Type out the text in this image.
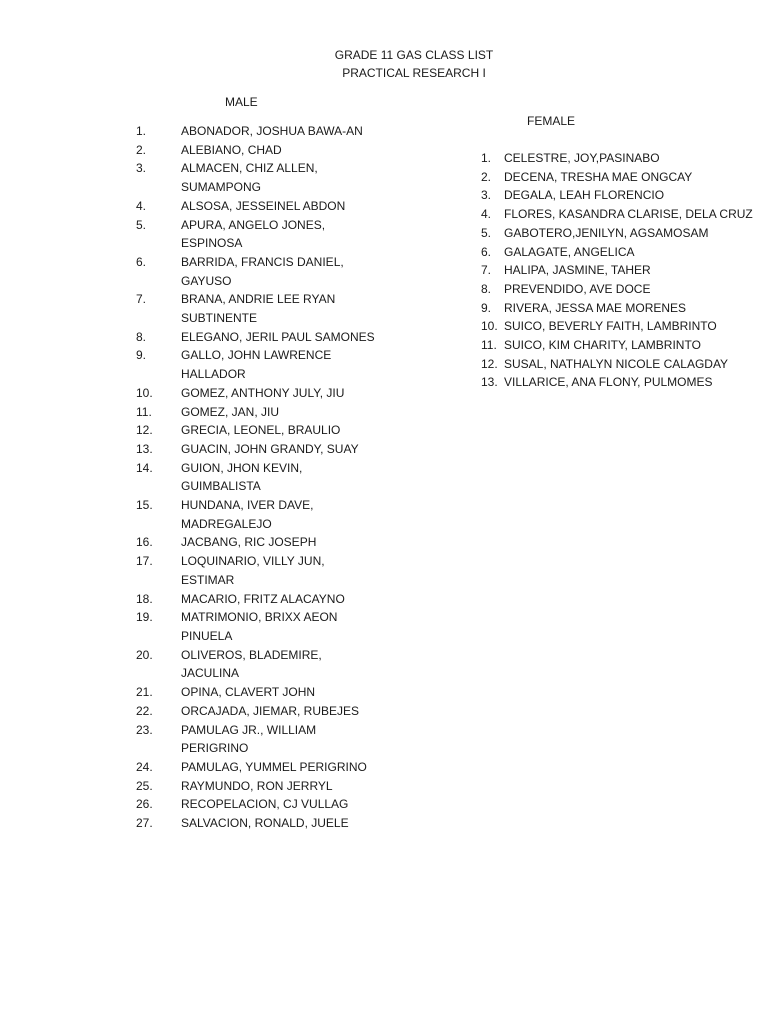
GRADE 11 GAS CLASS LIST
PRACTICAL RESEARCH I
MALE
1.	ABONADOR, JOSHUA BAWA-AN
2.	ALEBIANO, CHAD
3.	ALMACEN, CHIZ ALLEN, SUMAMPONG
4.	ALSOSA, JESSEINEL ABDON
5.	APURA, ANGELO JONES, ESPINOSA
6.	BARRIDA, FRANCIS DANIEL, GAYUSO
7.	BRANA, ANDRIE LEE RYAN SUBTINENTE
8.	ELEGANO, JERIL PAUL SAMONES
9.	GALLO, JOHN LAWRENCE HALLADOR
10. GOMEZ, ANTHONY JULY, JIU
11. GOMEZ, JAN, JIU
12. GRECIA, LEONEL, BRAULIO
13. GUACIN, JOHN GRANDY, SUAY
14. GUION, JHON KEVIN, GUIMBALISTA
15. HUNDANA, IVER DAVE, MADREGALEJO
16. JACBANG, RIC JOSEPH
17. LOQUINARIO, VILLY JUN, ESTIMAR
18. MACARIO, FRITZ ALACAYNO
19. MATRIMONIO, BRIXX AEON PINUELA
20. OLIVEROS, BLADEMIRE, JACULINA
21. OPINA, CLAVERT JOHN
22. ORCAJADA, JIEMAR, RUBEJES
23. PAMULAG JR., WILLIAM PERIGRINO
24. PAMULAG, YUMMEL PERIGRINO
25. RAYMUNDO, RON JERRYL
26. RECOPELACION, CJ VULLAG
27. SALVACION, RONALD, JUELE
FEMALE
1. CELESTRE, JOY,PASINABO
2. DECENA, TRESHA MAE ONGCAY
3. DEGALA, LEAH FLORENCIO
4. FLORES, KASANDRA CLARISE, DELA CRUZ
5. GABOTERO,JENILYN, AGSAMOSAM
6. GALAGATE, ANGELICA
7. HALIPA, JASMINE, TAHER
8. PREVENDIDO, AVE DOCE
9. RIVERA, JESSA MAE MORENES
10. SUICO, BEVERLY FAITH, LAMBRINTO
11. SUICO, KIM CHARITY, LAMBRINTO
12. SUSAL, NATHALYN NICOLE CALAGDAY
13. VILLARICE, ANA FLONY, PULMOMES
